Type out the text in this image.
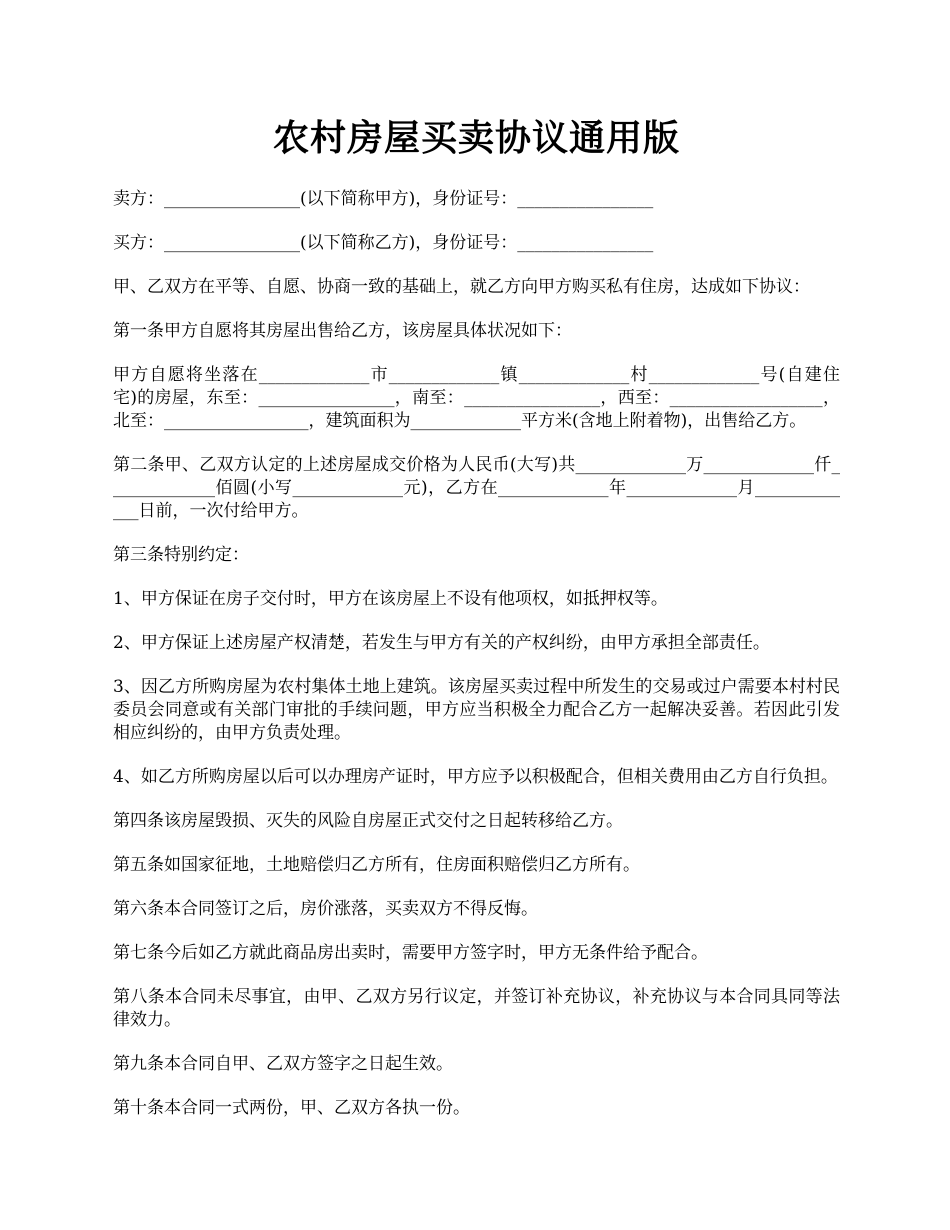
农村房屋买卖协议通用版

卖方：________________(以下简称甲方)，身份证号：________________

买方：________________(以下简称乙方)，身份证号：________________

甲、乙双方在平等、自愿、协商一致的基础上，就乙方向甲方购买私有住房，达成如下协议：

第一条甲方自愿将其房屋出售给乙方，该房屋具体状况如下：

甲方自愿将坐落在_____________市_____________镇_____________村_____________号(自建住宅)的房屋，东至：________________，南至：________________，西至：__________________，北至：_________________，建筑面积为_____________平方米(含地上附着物)，出售给乙方。

第二条甲、乙双方认定的上述房屋成交价格为人民币(大写)共_____________万_____________仟_____________佰圆(小写_____________元)，乙方在_____________年_____________月_____________日前，一次付给甲方。

第三条特别约定：

1、甲方保证在房子交付时，甲方在该房屋上不设有他项权，如抵押权等。

2、甲方保证上述房屋产权清楚，若发生与甲方有关的产权纠纷，由甲方承担全部责任。

3、因乙方所购房屋为农村集体土地上建筑。该房屋买卖过程中所发生的交易或过户需要本村村民委员会同意或有关部门审批的手续问题，甲方应当积极全力配合乙方一起解决妥善。若因此引发相应纠纷的，由甲方负责处理。

4、如乙方所购房屋以后可以办理房产证时，甲方应予以积极配合，但相关费用由乙方自行负担。

第四条该房屋毁损、灭失的风险自房屋正式交付之日起转移给乙方。

第五条如国家征地，土地赔偿归乙方所有，住房面积赔偿归乙方所有。

第六条本合同签订之后，房价涨落，买卖双方不得反悔。

第七条今后如乙方就此商品房出卖时，需要甲方签字时，甲方无条件给予配合。

第八条本合同未尽事宜，由甲、乙双方另行议定，并签订补充协议，补充协议与本合同具同等法律效力。

第九条本合同自甲、乙双方签字之日起生效。

第十条本合同一式两份，甲、乙双方各执一份。
